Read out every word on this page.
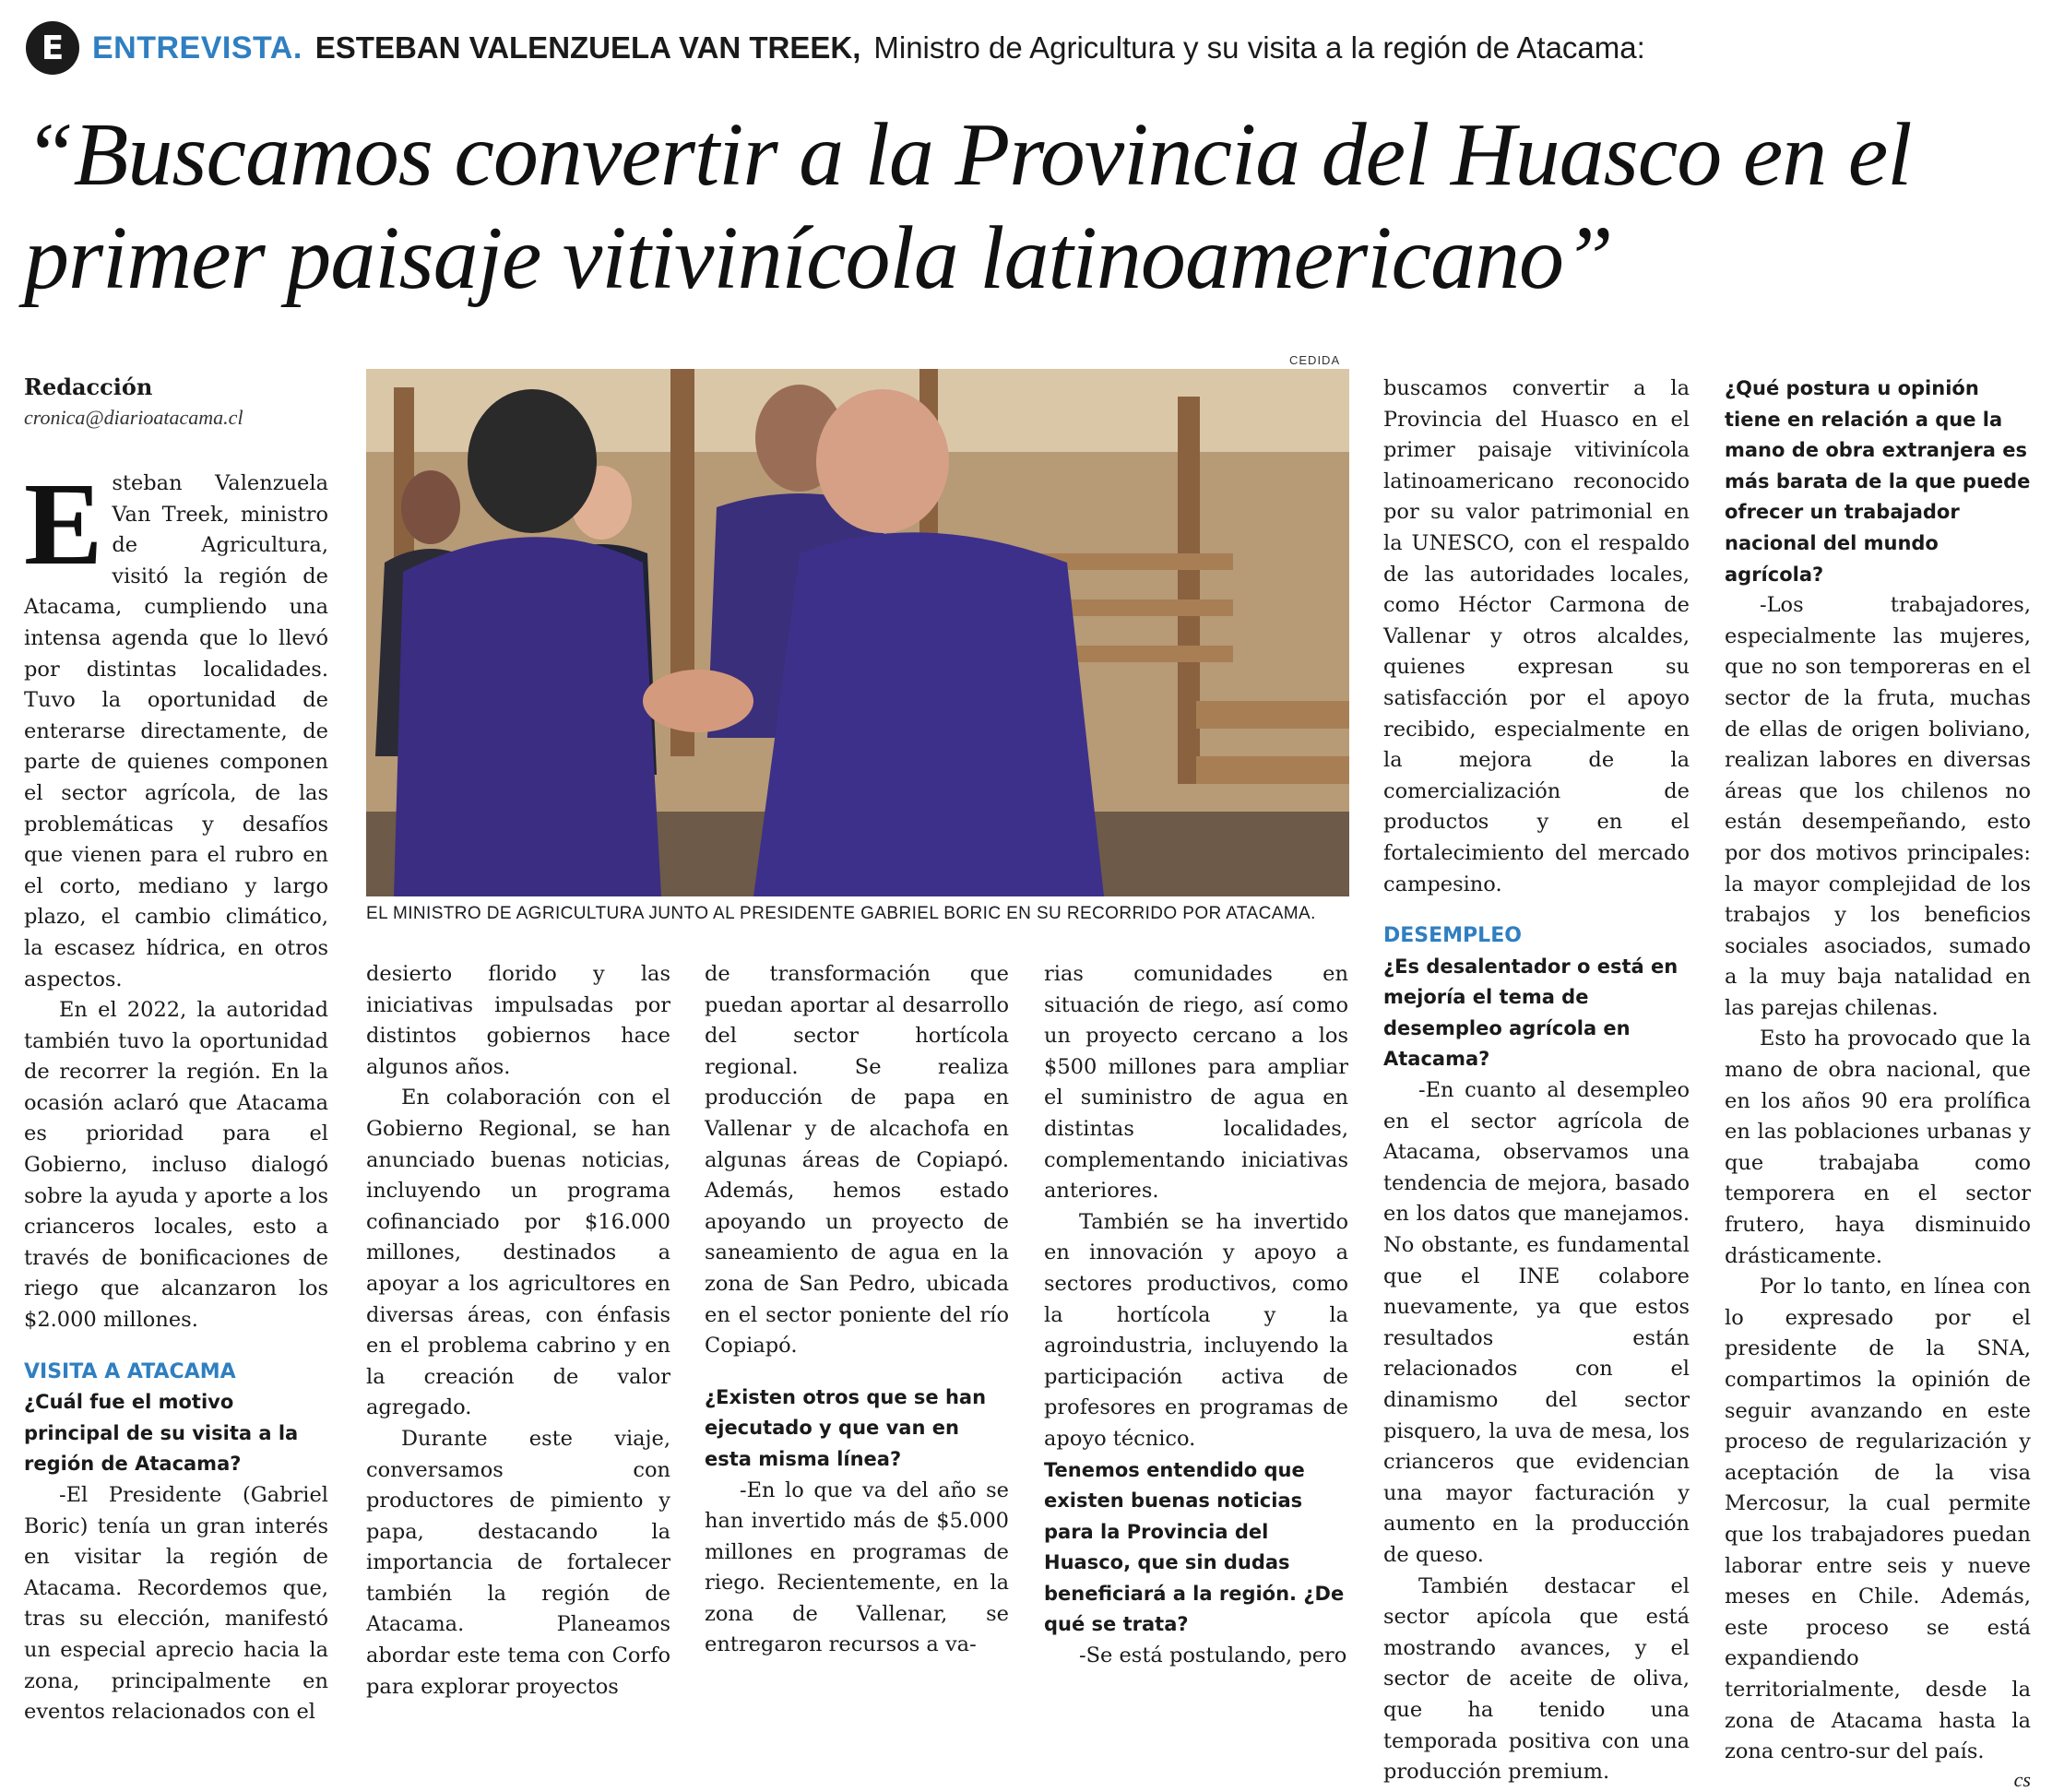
E ENTREVISTA. ESTEBAN VALENZUELA VAN TREEK, Ministro de Agricultura y su visita a la región de Atacama:
“Buscamos convertir a la Provincia del Huasco en el primer paisaje vitivinícola latinoamericano”
Redacción
cronica@diarioatacama.cl
CEDIDA
EL MINISTRO DE AGRICULTURA JUNTO AL PRESIDENTE GABRIEL BORIC EN SU RECORRIDO POR ATACAMA.

Esteban Valenzuela Van Treek, ministro de Agricultura, visitó la región de Atacama, cumpliendo una intensa agenda que lo llevó por distintas localidades. Tuvo la oportunidad de enterarse directamente, de parte de quienes componen el sector agrícola, de las problemáticas y desafíos que vienen para el rubro en el corto, mediano y largo plazo, el cambio climático, la escasez hídrica, en otros aspectos.

En el 2022, la autoridad también tuvo la oportunidad de recorrer la región. En la ocasión aclaró que Atacama es prioridad para el Gobierno, incluso dialogó sobre la ayuda y aporte a los crianceros locales, esto a través de bonificaciones de riego que alcanzaron los $2.000 millones.

VISITA A ATACAMA

¿Cuál fue el motivo principal de su visita a la región de Atacama?

-El Presidente (Gabriel Boric) tenía un gran interés en visitar la región de Atacama. Recordemos que, tras su elección, manifestó un especial aprecio hacia la zona, principalmente en eventos relacionados con el

desierto florido y las iniciativas impulsadas por distintos gobiernos hace algunos años.

En colaboración con el Gobierno Regional, se han anunciado buenas noticias, incluyendo un programa cofinanciado por $16.000 millones, destinados a apoyar a los agricultores en diversas áreas, con énfasis en el problema cabrino y en la creación de valor agregado.

Durante este viaje, conversamos con productores de pimiento y papa, destacando la importancia de fortalecer también la región de Atacama. Planeamos abordar este tema con Corfo para explorar proyectos

de transformación que puedan aportar al desarrollo del sector hortícola regional. Se realiza producción de papa en Vallenar y de alcachofa en algunas áreas de Copiapó. Además, hemos estado apoyando un proyecto de saneamiento de agua en la zona de San Pedro, ubicada en el sector poniente del río Copiapó.

¿Existen otros que se han ejecutado y que van en esta misma línea?

-En lo que va del año se han invertido más de $5.000 millones en programas de riego. Recientemente, en la zona de Vallenar, se entregaron recursos a va-

rias comunidades en situación de riego, así como un proyecto cercano a los $500 millones para ampliar el suministro de agua en distintas localidades, complementando iniciativas anteriores.

También se ha invertido en innovación y apoyo a sectores productivos, como la hortícola y la agroindustria, incluyendo la participación activa de profesores en programas de apoyo técnico.

Tenemos entendido que existen buenas noticias para la Provincia del Huasco, que sin dudas beneficiará a la región. ¿De qué se trata?

-Se está postulando, pero

buscamos convertir a la Provincia del Huasco en el primer paisaje vitivinícola latinoamericano reconocido por su valor patrimonial en la UNESCO, con el respaldo de las autoridades locales, como Héctor Carmona de Vallenar y otros alcaldes, quienes expresan su satisfacción por el apoyo recibido, especialmente en la mejora de la comercialización de productos y en el fortalecimiento del mercado campesino.

DESEMPLEO

¿Es desalentador o está en mejoría el tema de desempleo agrícola en Atacama?

-En cuanto al desempleo en el sector agrícola de Atacama, observamos una tendencia de mejora, basado en los datos que manejamos. No obstante, es fundamental que el INE colabore nuevamente, ya que estos resultados están relacionados con el dinamismo del sector pisquero, la uva de mesa, los crianceros que evidencian una mayor facturación y aumento en la producción de queso.

También destacar el sector apícola que está mostrando avances, y el sector de aceite de oliva, que ha tenido una temporada positiva con una producción premium.

¿Qué postura u opinión tiene en relación a que la mano de obra extranjera es más barata de la que puede ofrecer un trabajador nacional del mundo agrícola?

-Los trabajadores, especialmente las mujeres, que no son temporeras en el sector de la fruta, muchas de ellas de origen boliviano, realizan labores en diversas áreas que los chilenos no están desempeñando, esto por dos motivos principales: la mayor complejidad de los trabajos y los beneficios sociales asociados, sumado a la muy baja natalidad en las parejas chilenas.

Esto ha provocado que la mano de obra nacional, que en los años 90 era prolífica en las poblaciones urbanas y que trabajaba como temporera en el sector frutero, haya disminuido drásticamente.

Por lo tanto, en línea con lo expresado por el presidente de la SNA, compartimos la opinión de seguir avanzando en este proceso de regularización y aceptación de la visa Mercosur, la cual permite que los trabajadores puedan laborar entre seis y nueve meses en Chile. Además, este proceso se está expandiendo territorialmente, desde la zona de Atacama hasta la zona centro-sur del país.
cs
